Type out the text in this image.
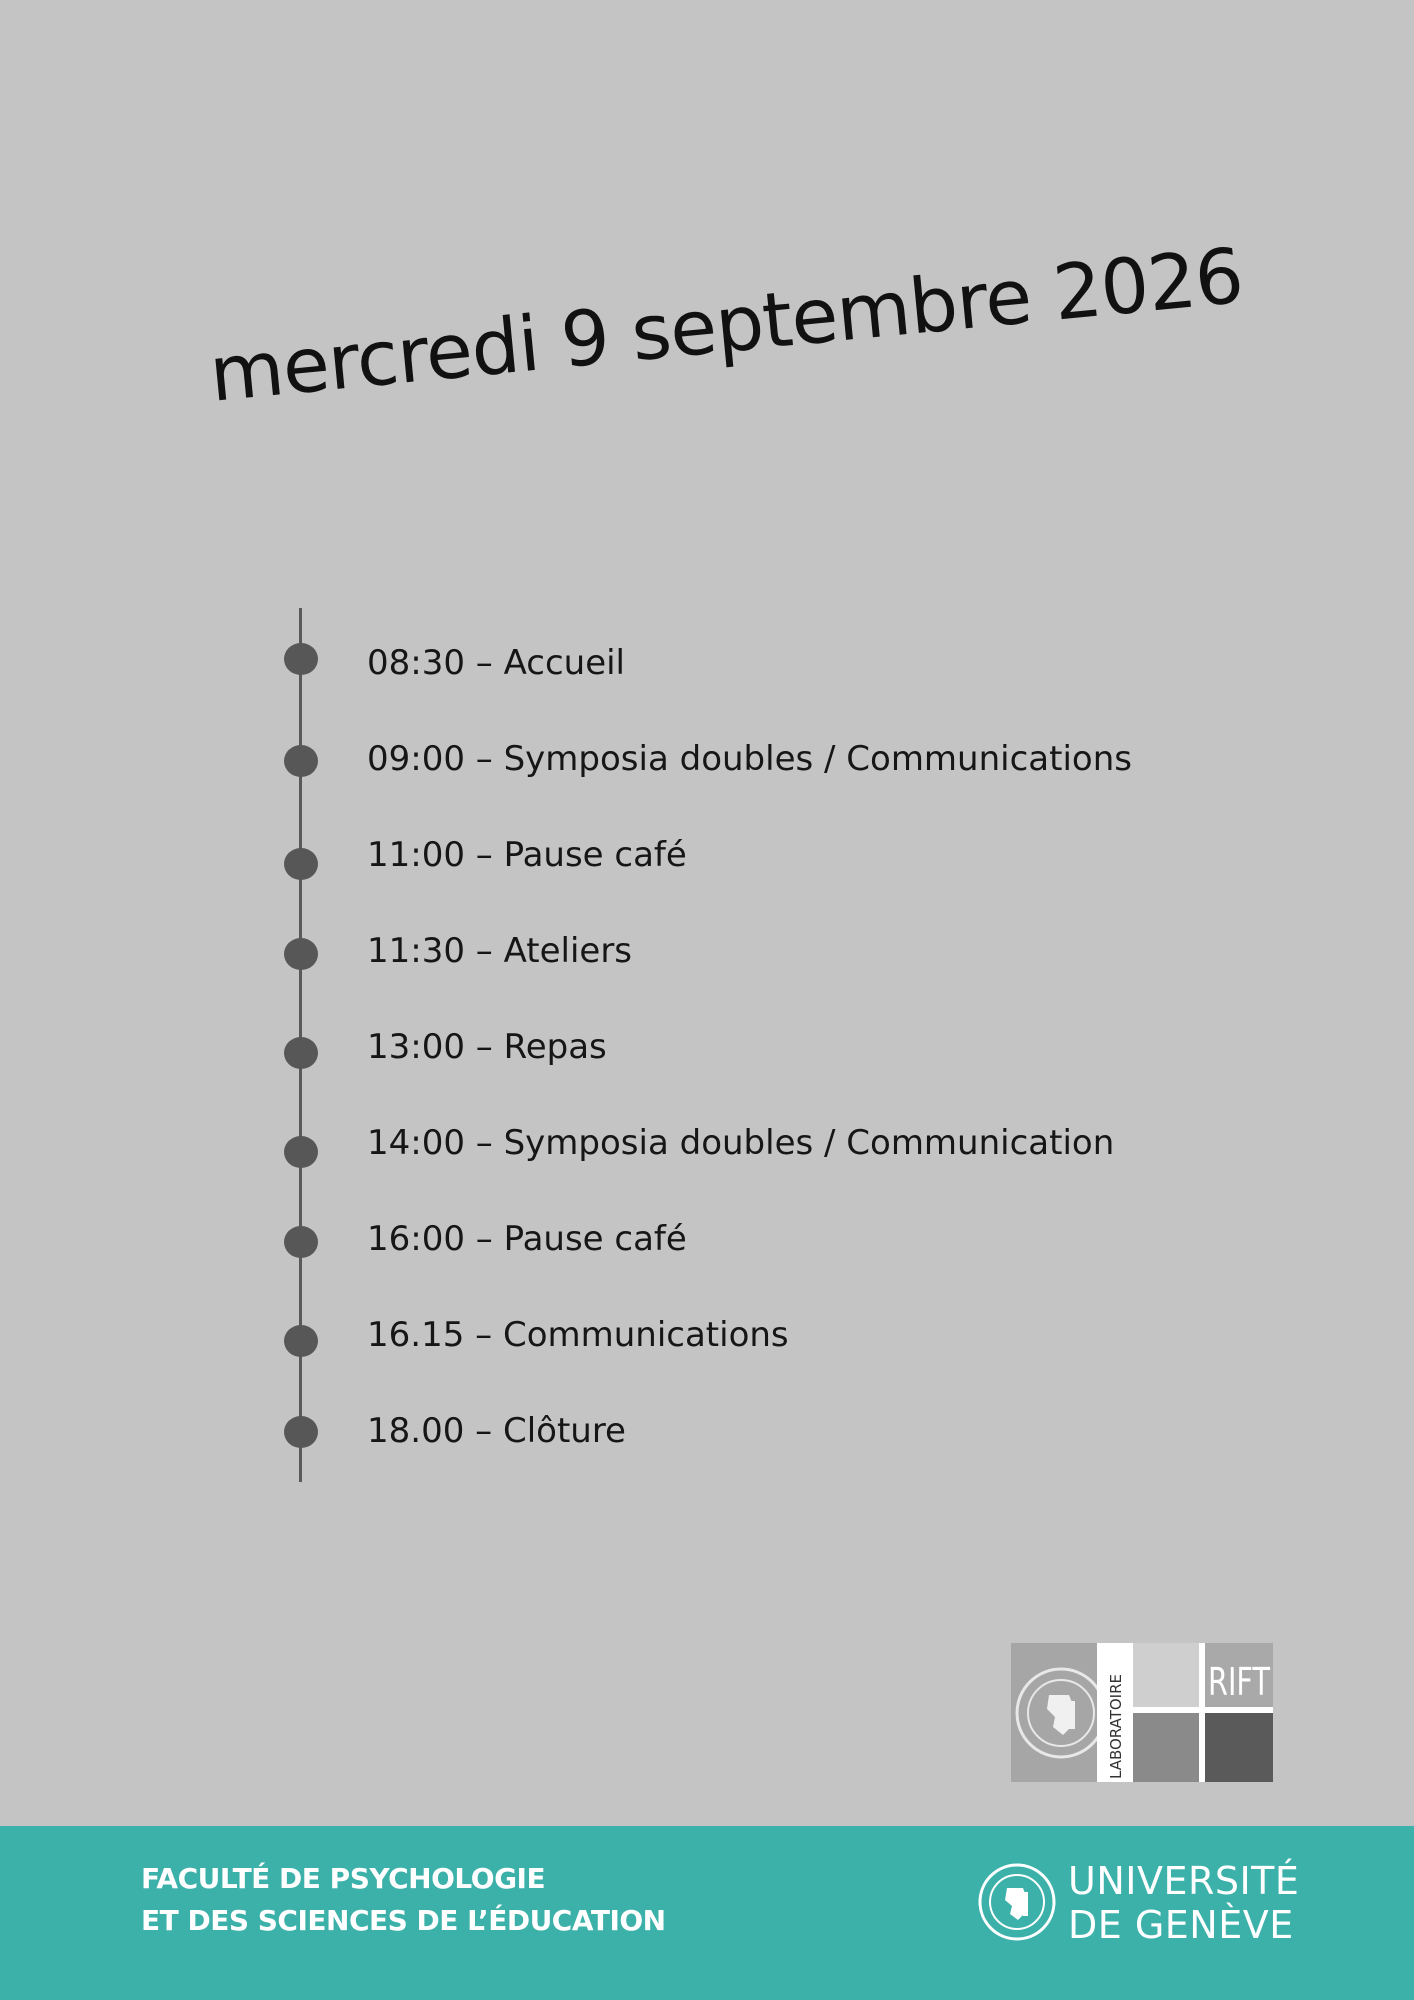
mercredi 9 septembre 2026
08:30 – Accueil
09:00 – Symposia doubles / Communications
11:00 – Pause café
11:30 – Ateliers
13:00 – Repas
14:00 – Symposia doubles / Communication
16:00 – Pause café
16.15 – Communications
18.00 – Clôture
LABORATOIRE RIFT
FACULTÉ DE PSYCHOLOGIE
ET DES SCIENCES DE L’ÉDUCATION
UNIVERSITÉ
DE GENÈVE
